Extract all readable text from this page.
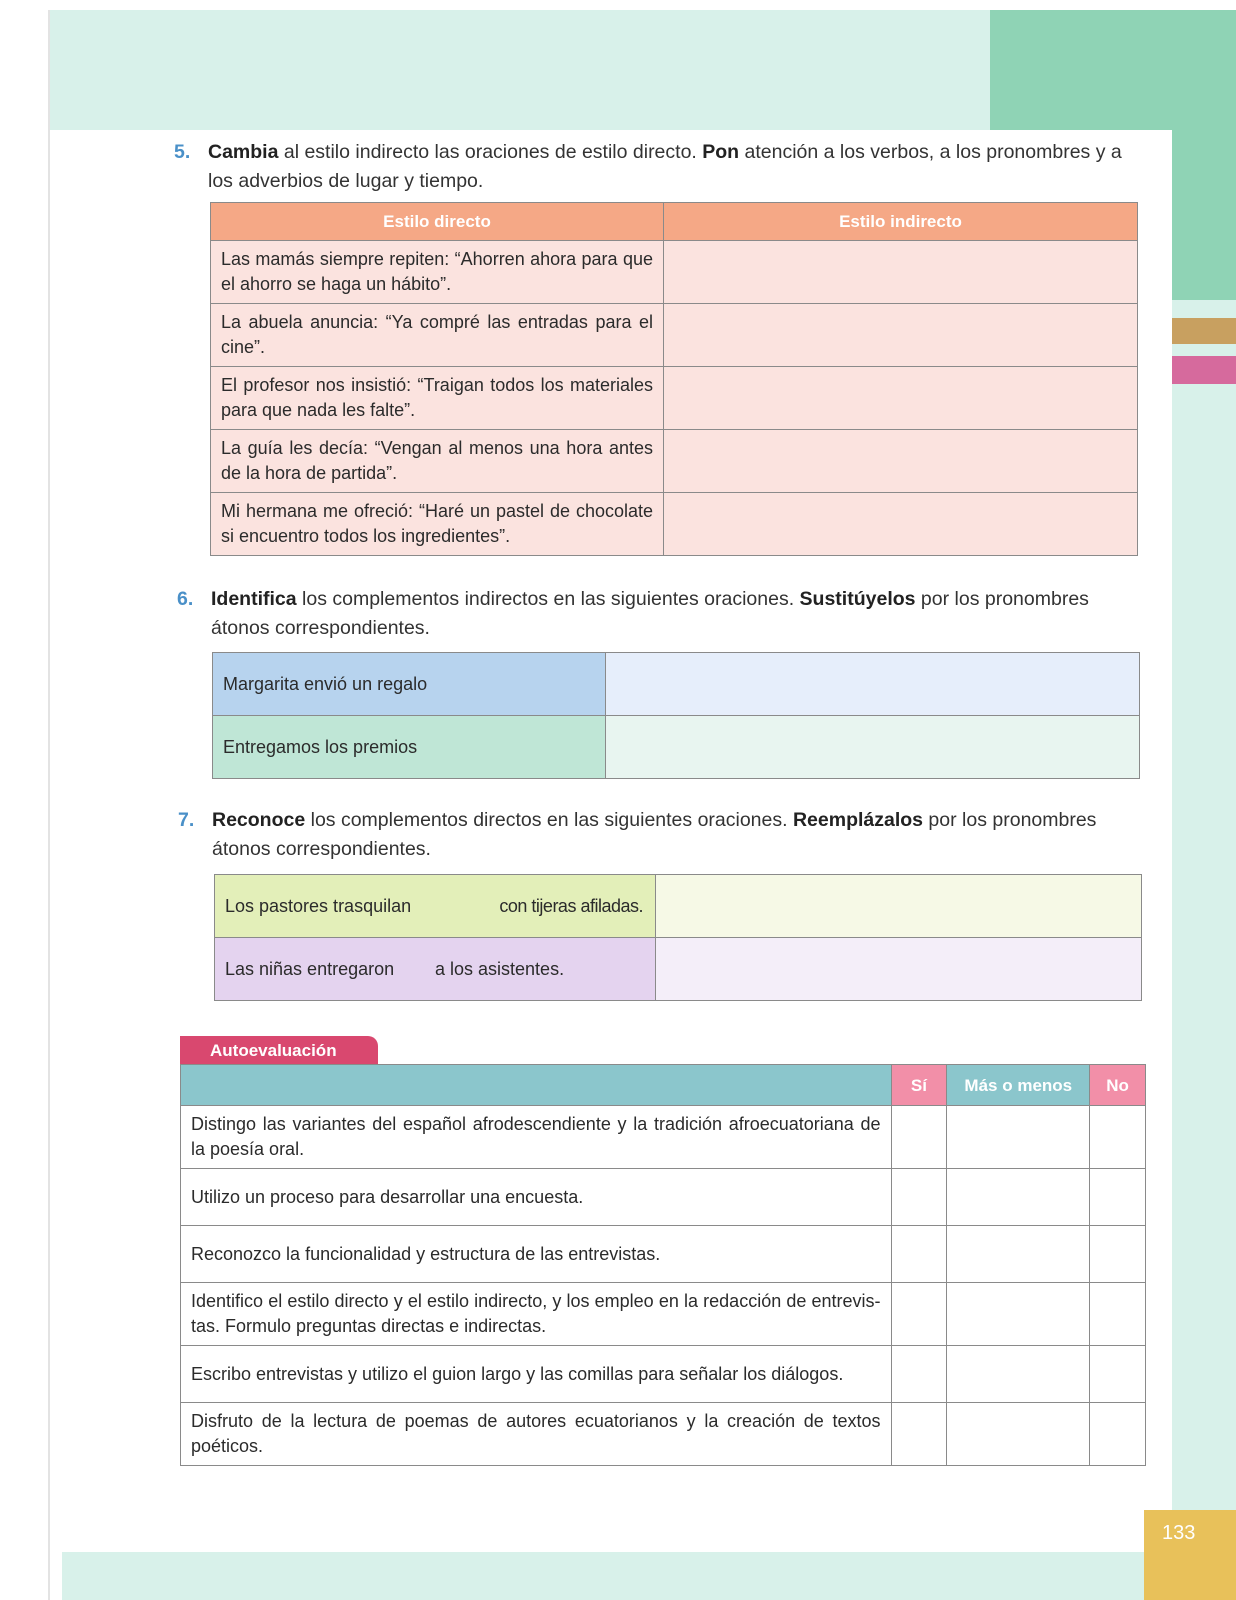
133
5. Cambia al estilo indirecto las oraciones de estilo directo. Pon atención a los verbos, a los pronombres y a los adverbios de lugar y tiempo.
Estilo directo	Estilo indirecto
Las mamás siempre repiten: “Ahorren ahora para que el ahorro se haga un hábito”.	
La abuela anuncia: “Ya compré las entradas para el cine”.	
El profesor nos insistió: “Traigan todos los materiales para que nada les falte”.	
La guía les decía: “Vengan al menos una hora antes de la hora de partida”.	
Mi hermana me ofreció: “Haré un pastel de chocolate si encuentro todos los ingredientes”.	
6. Identifica los complementos indirectos en las siguientes oraciones. Sustitúyelos por los pronombres átonos correspondientes.
Margarita envió un regalo	
Entregamos los premios	
7. Reconoce los complementos directos en las siguientes oraciones. Reemplázalos por los pronombres átonos correspondientes.
Los pastores trasquilan con tijeras afiladas.	

Las niñas entregaron a los asistentes.	

Autoevaluación
	Sí	Más o menos	No
Distingo las variantes del español afrodescendiente y la tradición afroecuatoriana de la poesía oral.			
Utilizo un proceso para desarrollar una encuesta.			
Reconozco la funcionalidad y estructura de las entrevistas.			
Identifico el estilo directo y el estilo indirecto, y los empleo en la redacción de entrevis-tas. Formulo preguntas directas e indirectas.			
Escribo entrevistas y utilizo el guion largo y las comillas para señalar los diálogos.			
Disfruto de la lectura de poemas de autores ecuatorianos y la creación de textos poéticos.			
